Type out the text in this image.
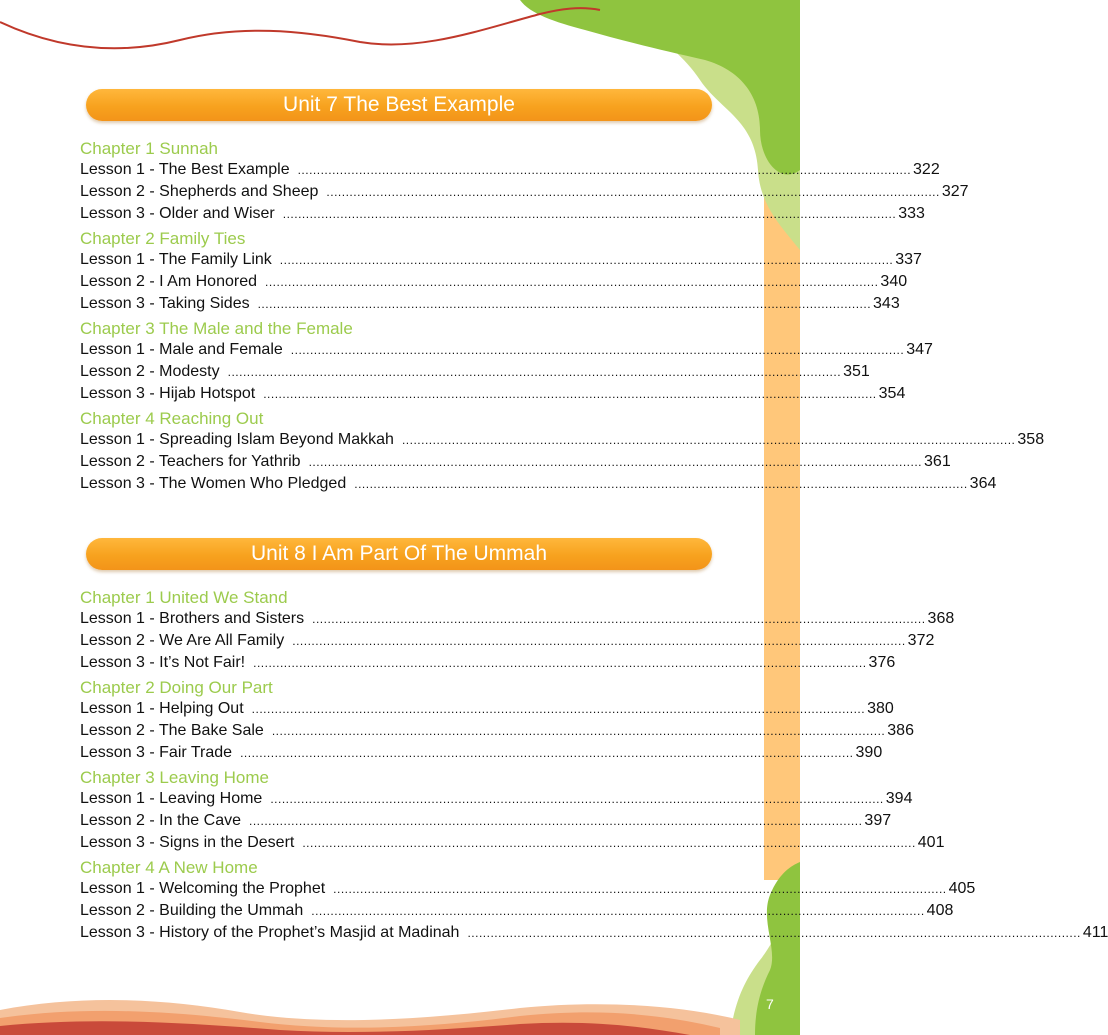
Unit 7 The Best Example
Chapter 1 Sunnah
Lesson 1 - The Best Example ................................................................................................................................................................ 322
Lesson 2 - Shepherds and Sheep ................................................................................................................................................................ 327
Lesson 3 - Older and Wiser ................................................................................................................................................................ 333
Chapter 2 Family Ties
Lesson 1 - The Family Link ................................................................................................................................................................ 337
Lesson 2 - I Am Honored ................................................................................................................................................................ 340
Lesson 3 - Taking Sides ................................................................................................................................................................ 343
Chapter 3 The Male and the Female
Lesson 1 - Male and Female ................................................................................................................................................................ 347
Lesson 2 - Modesty ................................................................................................................................................................ 351
Lesson 3 - Hijab Hotspot ................................................................................................................................................................ 354
Chapter 4 Reaching Out
Lesson 1 - Spreading Islam Beyond Makkah ................................................................................................................................................................ 358
Lesson 2 - Teachers for Yathrib ................................................................................................................................................................ 361
Lesson 3 - The Women Who Pledged ................................................................................................................................................................ 364
Unit 8 I Am Part Of The Ummah
Chapter 1 United We Stand
Lesson 1 - Brothers and Sisters ................................................................................................................................................................ 368
Lesson 2 - We Are All Family ................................................................................................................................................................ 372
Lesson 3 - It’s Not Fair! ................................................................................................................................................................ 376
Chapter 2 Doing Our Part
Lesson 1 - Helping Out ................................................................................................................................................................ 380
Lesson 2 - The Bake Sale ................................................................................................................................................................ 386
Lesson 3 - Fair Trade ................................................................................................................................................................ 390
Chapter 3 Leaving Home
Lesson 1 - Leaving Home ................................................................................................................................................................ 394
Lesson 2 - In the Cave ................................................................................................................................................................ 397
Lesson 3 - Signs in the Desert ................................................................................................................................................................ 401
Chapter 4 A New Home
Lesson 1 - Welcoming the Prophet ................................................................................................................................................................ 405
Lesson 2 - Building the Ummah ................................................................................................................................................................ 408
Lesson 3 - History of the Prophet’s Masjid at Madinah ................................................................................................................................................................ 411
7
